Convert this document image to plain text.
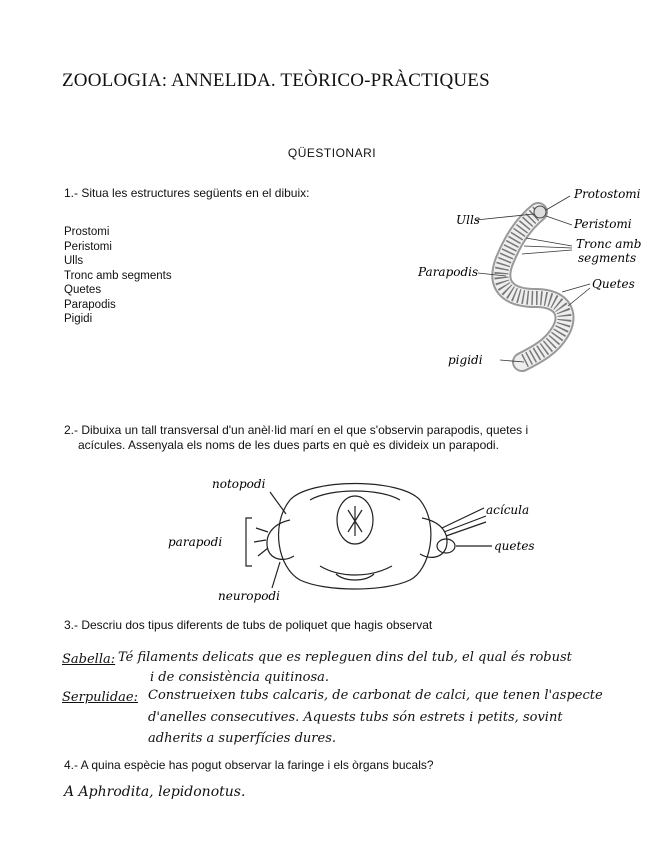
ZOOLOGIA: ANNELIDA. TEÒRICO-PRÀCTIQUES
QÜESTIONARI
1.- Situa les estructures següents en el dibuix:
Prostomi
Peristomi
Ulls
Tronc amb segments
Quetes
Parapodis
Pigidi
Protostomi
Peristomi
Tronc amb
segments
Quetes
Ulls
Parapodis
pigidi
2.- Dibuixa un tall transversal d'un anèl·lid marí en el que s'observin parapodis, quetes i
acícules. Assenyala els noms de les dues parts en què es divideix un parapodi.
notopodi
parapodi
neuropodi
acícula
quetes
3.- Descriu dos tipus diferents de tubs de poliquet que hagis observat
Sabella: Té filaments delicats que es repleguen dins del tub, el qual és robust
i de consistència quitinosa.
Serpulidae: Construeixen tubs calcaris, de carbonat de calci, que tenen l'aspecte
d'anelles consecutives. Aquests tubs són estrets i petits, sovint
adherits a superfícies dures.
4.- A quina espècie has pogut observar la faringe i els òrgans bucals?
A Aphrodita, lepidonotus.
